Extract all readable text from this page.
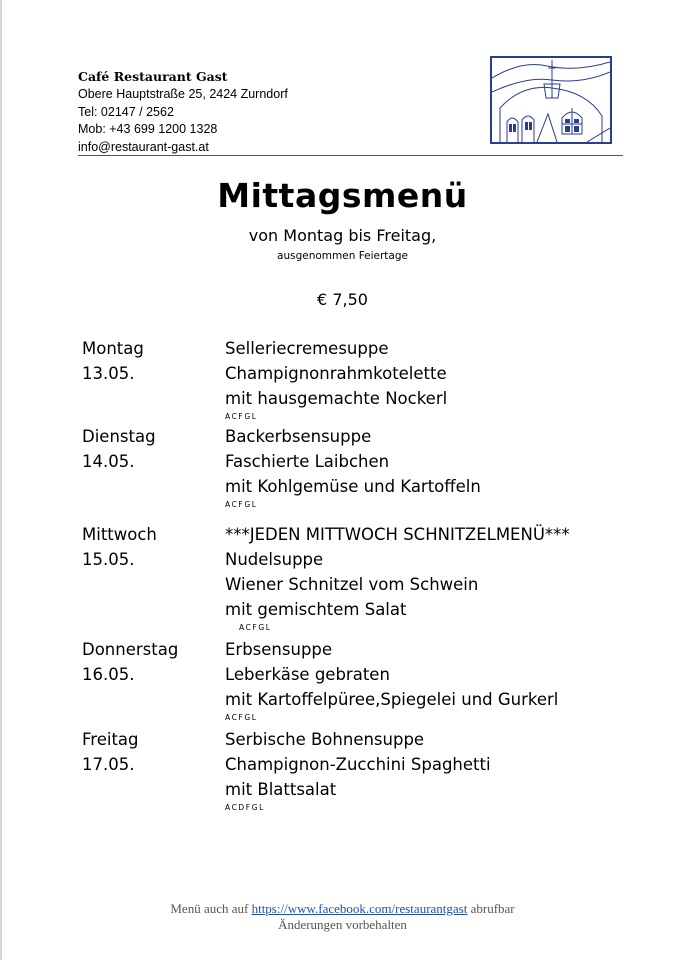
Café Restaurant Gast
Obere Hauptstraße 25, 2424 Zurndorf
Tel: 02147 / 2562
Mob: +43 699 1200 1328
info@restaurant-gast.at
Mittagsmenü
von Montag bis Freitag,
ausgenommen Feiertage
€ 7,50
Montag
13.05.
Selleriecremesuppe
Champignonrahmkotelette
mit hausgemachte Nockerl
ACFGL
Dienstag
14.05.
Backerbsensuppe
Faschierte Laibchen
mit Kohlgemüse und Kartoffeln
ACFGL
Mittwoch
15.05.
***JEDEN MITTWOCH SCHNITZELMENÜ***
Nudelsuppe
Wiener Schnitzel vom Schwein
mit gemischtem Salat
ACFGL
Donnerstag
16.05.
Erbsensuppe
Leberkäse gebraten
mit Kartoffelpüree,Spiegelei und Gurkerl
ACFGL
Freitag
17.05.
Serbische Bohnensuppe
Champignon-Zucchini Spaghetti
mit Blattsalat
ACDFGL
Menü auch auf https://www.facebook.com/restaurantgast abrufbar
Änderungen vorbehalten
